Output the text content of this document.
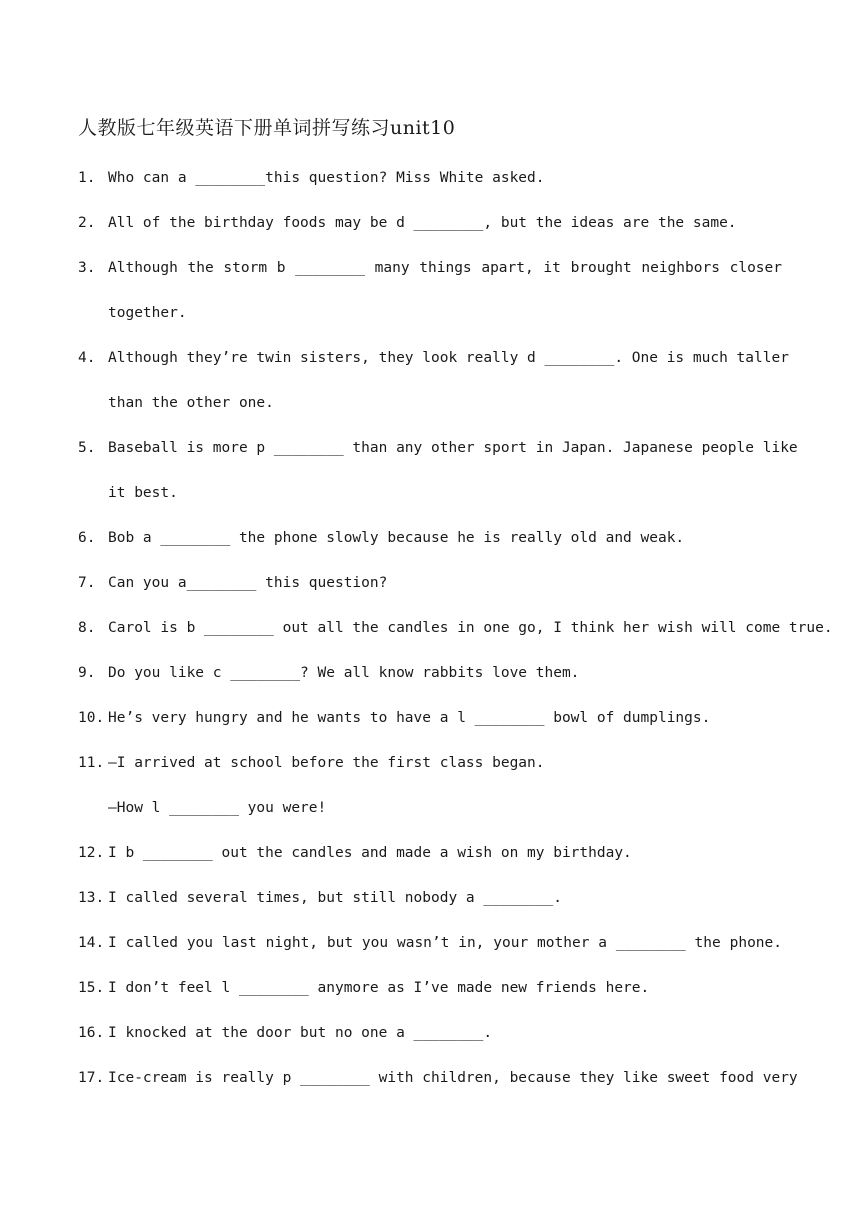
人教版七年级英语下册单词拼写练习unit10
1. Who can a ________this question? Miss White asked.
2. All of the birthday foods may be d ________, but the ideas are the same.
3. Although the storm b ________ many things apart, it brought neighbors closer
together.
4. Although they’re twin sisters, they look really d ________. One is much taller
than the other one.
5. Baseball is more p ________ than any other sport in Japan. Japanese people like
it best.
6. Bob a ________ the phone slowly because he is really old and weak.
7. Can you a________ this question?
8. Carol is b ________ out all the candles in one go, I think her wish will come true.
9. Do you like c ________? We all know rabbits love them.
10. He’s very hungry and he wants to have a l ________ bowl of dumplings.
11. —I arrived at school before the first class began.
—How l ________ you were!
12. I b ________ out the candles and made a wish on my birthday.
13. I called several times, but still nobody a ________.
14. I called you last night, but you wasn’t in, your mother a ________ the phone.
15. I don’t feel l ________ anymore as I’ve made new friends here.
16. I knocked at the door but no one a ________.
17. Ice-cream is really p ________ with children, because they like sweet food very
